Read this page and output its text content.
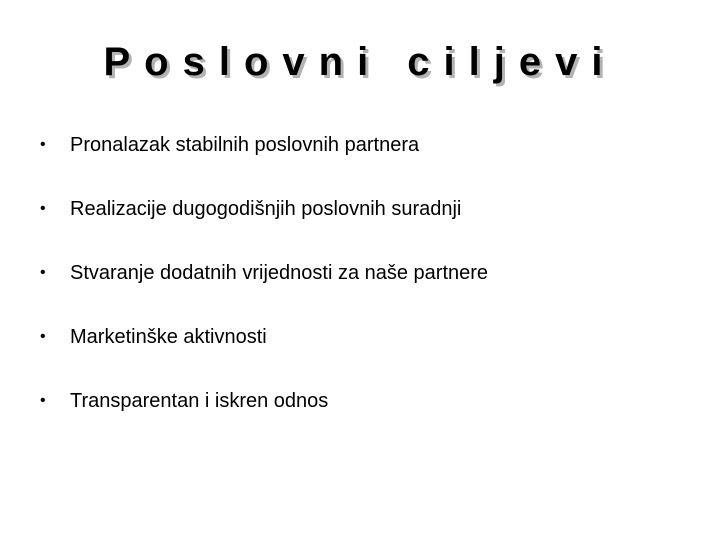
Poslovni ciljevi
•	Pronalazak stabilnih poslovnih partnera
•	Realizacije dugogodišnjih poslovnih suradnji
•	Stvaranje dodatnih vrijednosti za naše partnere
•	Marketinške aktivnosti
•	Transparentan i iskren odnos
